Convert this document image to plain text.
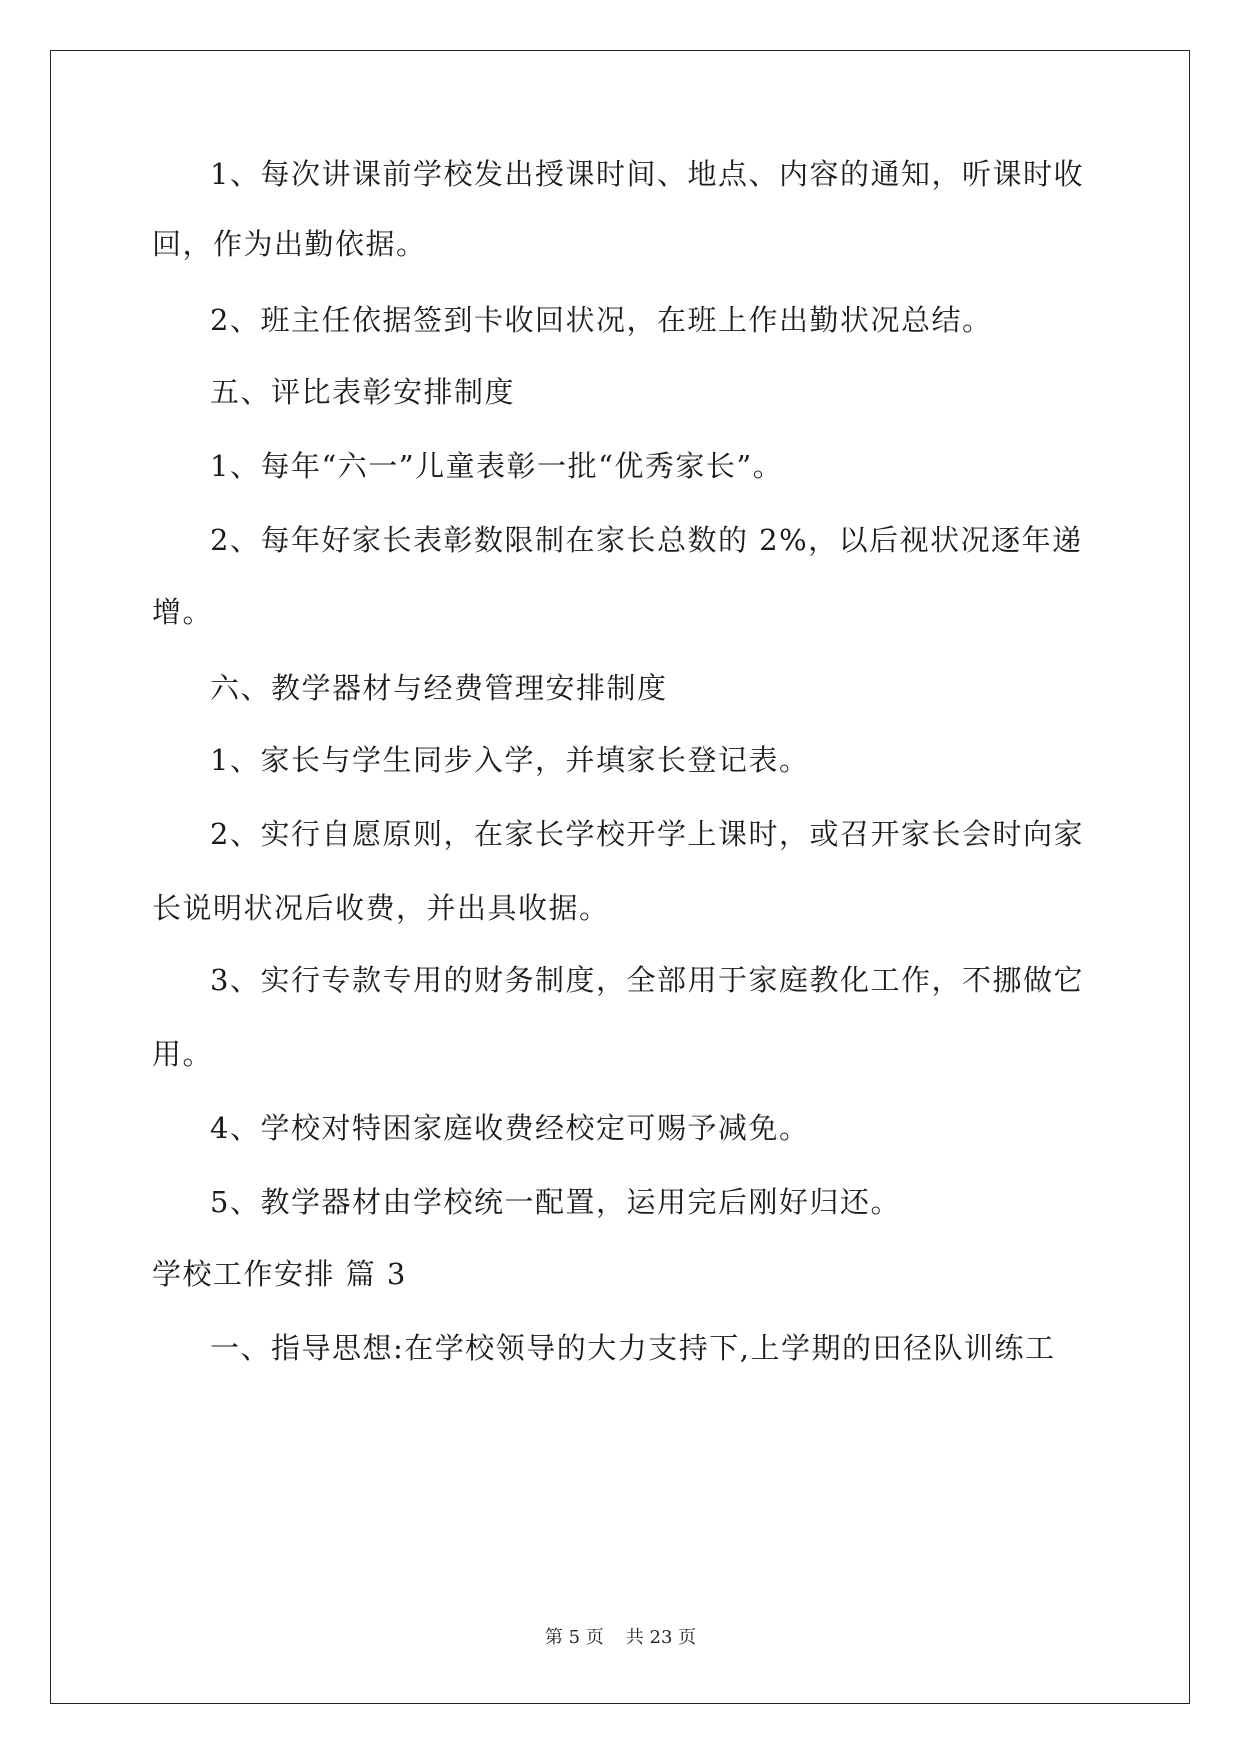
1、每次讲课前学校发出授课时间、地点、内容的通知，听课时收
回，作为出勤依据。
2、班主任依据签到卡收回状况，在班上作出勤状况总结。
五、评比表彰安排制度
1、每年“六一”儿童表彰一批“优秀家长”。
2、每年好家长表彰数限制在家长总数的 2%，以后视状况逐年递
增。
六、教学器材与经费管理安排制度
1、家长与学生同步入学，并填家长登记表。
2、实行自愿原则，在家长学校开学上课时，或召开家长会时向家
长说明状况后收费，并出具收据。
3、实行专款专用的财务制度，全部用于家庭教化工作，不挪做它
用。
4、学校对特困家庭收费经校定可赐予减免。
5、教学器材由学校统一配置，运用完后刚好归还。
学校工作安排 篇 3
一、指导思想:在学校领导的大力支持下,上学期的田径队训练工
第 5 页 共 23 页
